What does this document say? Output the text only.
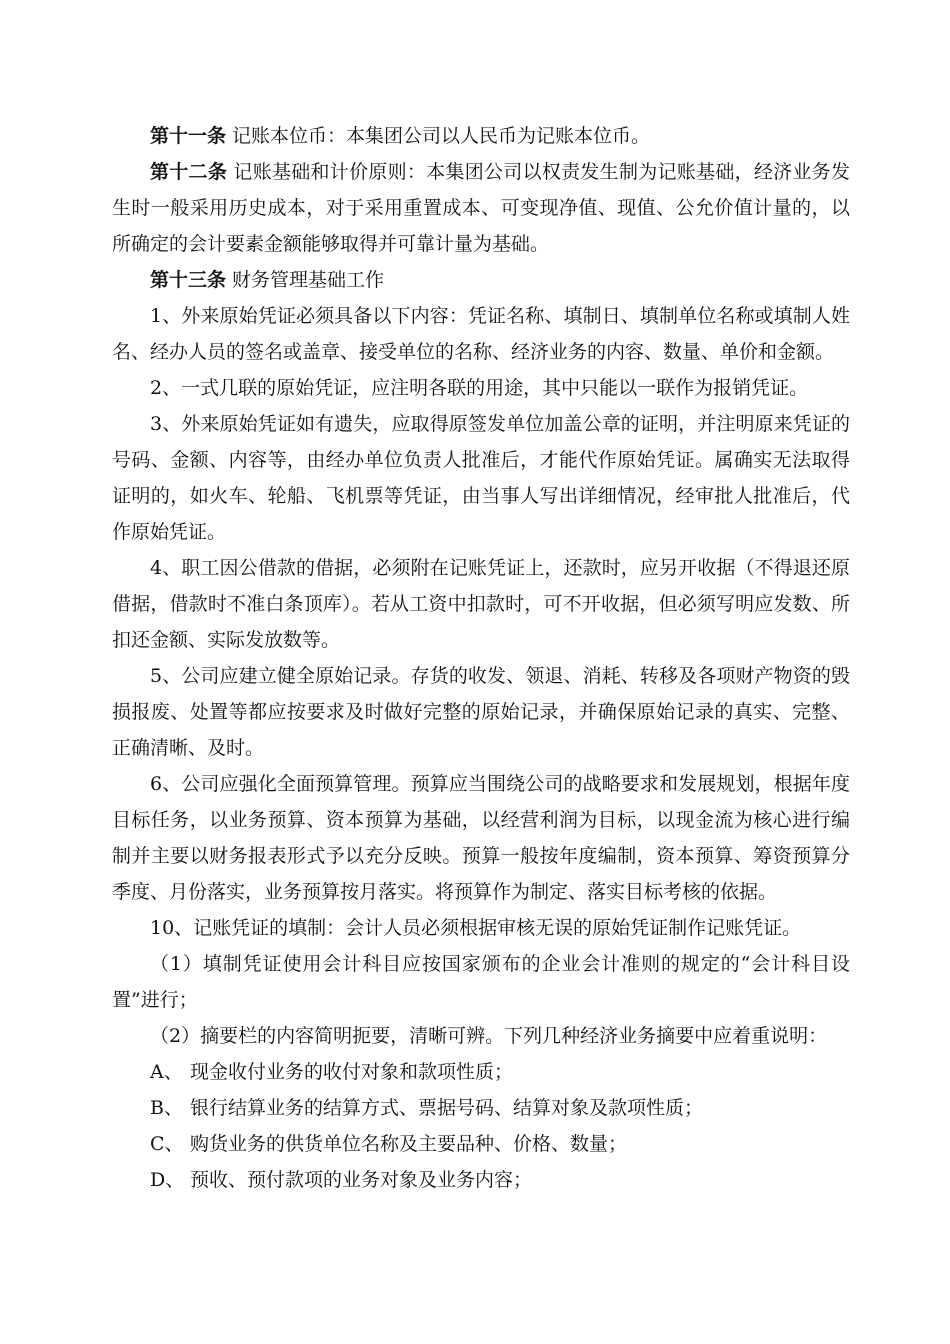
第十一条 记账本位币：本集团公司以人民币为记账本位币。

第十二条 记账基础和计价原则：本集团公司以权责发生制为记账基础，经济业务发生时一般采用历史成本，对于采用重置成本、可变现净值、现值、公允价值计量的，以所确定的会计要素金额能够取得并可靠计量为基础。

第十三条 财务管理基础工作

1、外来原始凭证必须具备以下内容：凭证名称、填制日、填制单位名称或填制人姓名、经办人员的签名或盖章、接受单位的名称、经济业务的内容、数量、单价和金额。

2、一式几联的原始凭证，应注明各联的用途，其中只能以一联作为报销凭证。

3、外来原始凭证如有遗失，应取得原签发单位加盖公章的证明，并注明原来凭证的号码、金额、内容等，由经办单位负责人批准后，才能代作原始凭证。属确实无法取得证明的，如火车、轮船、飞机票等凭证，由当事人写出详细情况，经审批人批准后，代作原始凭证。

4、职工因公借款的借据，必须附在记账凭证上，还款时，应另开收据（不得退还原借据，借款时不准白条顶库）。若从工资中扣款时，可不开收据，但必须写明应发数、所扣还金额、实际发放数等。

5、公司应建立健全原始记录。存货的收发、领退、消耗、转移及各项财产物资的毁损报废、处置等都应按要求及时做好完整的原始记录，并确保原始记录的真实、完整、正确清晰、及时。

6、公司应强化全面预算管理。预算应当围绕公司的战略要求和发展规划，根据年度目标任务，以业务预算、资本预算为基础，以经营利润为目标，以现金流为核心进行编制并主要以财务报表形式予以充分反映。预算一般按年度编制，资本预算、筹资预算分季度、月份落实，业务预算按月落实。将预算作为制定、落实目标考核的依据。

10、记账凭证的填制：会计人员必须根据审核无误的原始凭证制作记账凭证。

（1）填制凭证使用会计科目应按国家颁布的企业会计准则的规定的“会计科目设置”进行；

（2）摘要栏的内容简明扼要，清晰可辨。下列几种经济业务摘要中应着重说明：

A、 现金收付业务的收付对象和款项性质；

B、 银行结算业务的结算方式、票据号码、结算对象及款项性质；

C、 购货业务的供货单位名称及主要品种、价格、数量；

D、 预收、预付款项的业务对象及业务内容；
